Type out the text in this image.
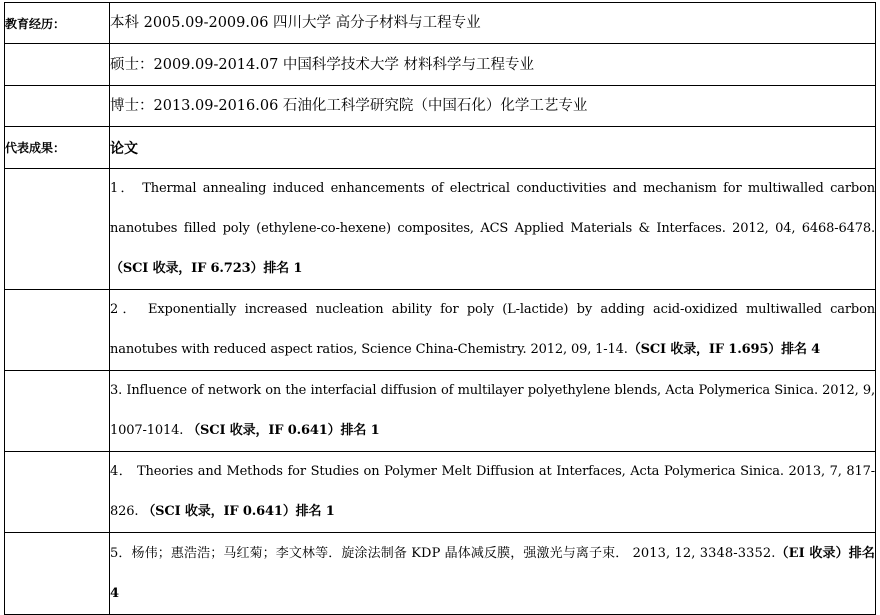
教育经历：	本科 2005.09-2009.06 四川大学 高分子材料与工程专业
	硕士：2009.09-2014.07 中国科学技术大学 材料科学与工程专业
	博士：2013.09-2016.06 石油化工科学研究院（中国石化）化学工艺专业
代表成果：	论文
	1． Thermal annealing induced enhancements of electrical conductivities and mechanism for multiwalled carbon nanotubes filled poly (ethylene-co-hexene) composites, ACS Applied Materials & Interfaces. 2012, 04, 6468-6478.（SCI 收录，IF 6.723）排名 1
	2． Exponentially increased nucleation ability for poly (L-lactide) by adding acid-oxidized multiwalled carbon nanotubes with reduced aspect ratios, Science China-Chemistry. 2012, 09, 1-14.（SCI 收录，IF 1.695）排名 4
	3. Influence of network on the interfacial diffusion of multilayer polyethylene blends, Acta Polymerica Sinica. 2012, 9, 1007-1014. （SCI 收录，IF 0.641）排名 1
	4． Theories and Methods for Studies on Polymer Melt Diffusion at Interfaces, Acta Polymerica Sinica. 2013, 7, 817-826. （SCI 收录，IF 0.641）排名 1
	5．杨伟；惠浩浩；马红菊；李文林等．旋涂法制备 KDP 晶体减反膜，强激光与离子束． 2013, 12, 3348-3352.（EI 收录）排名 4
